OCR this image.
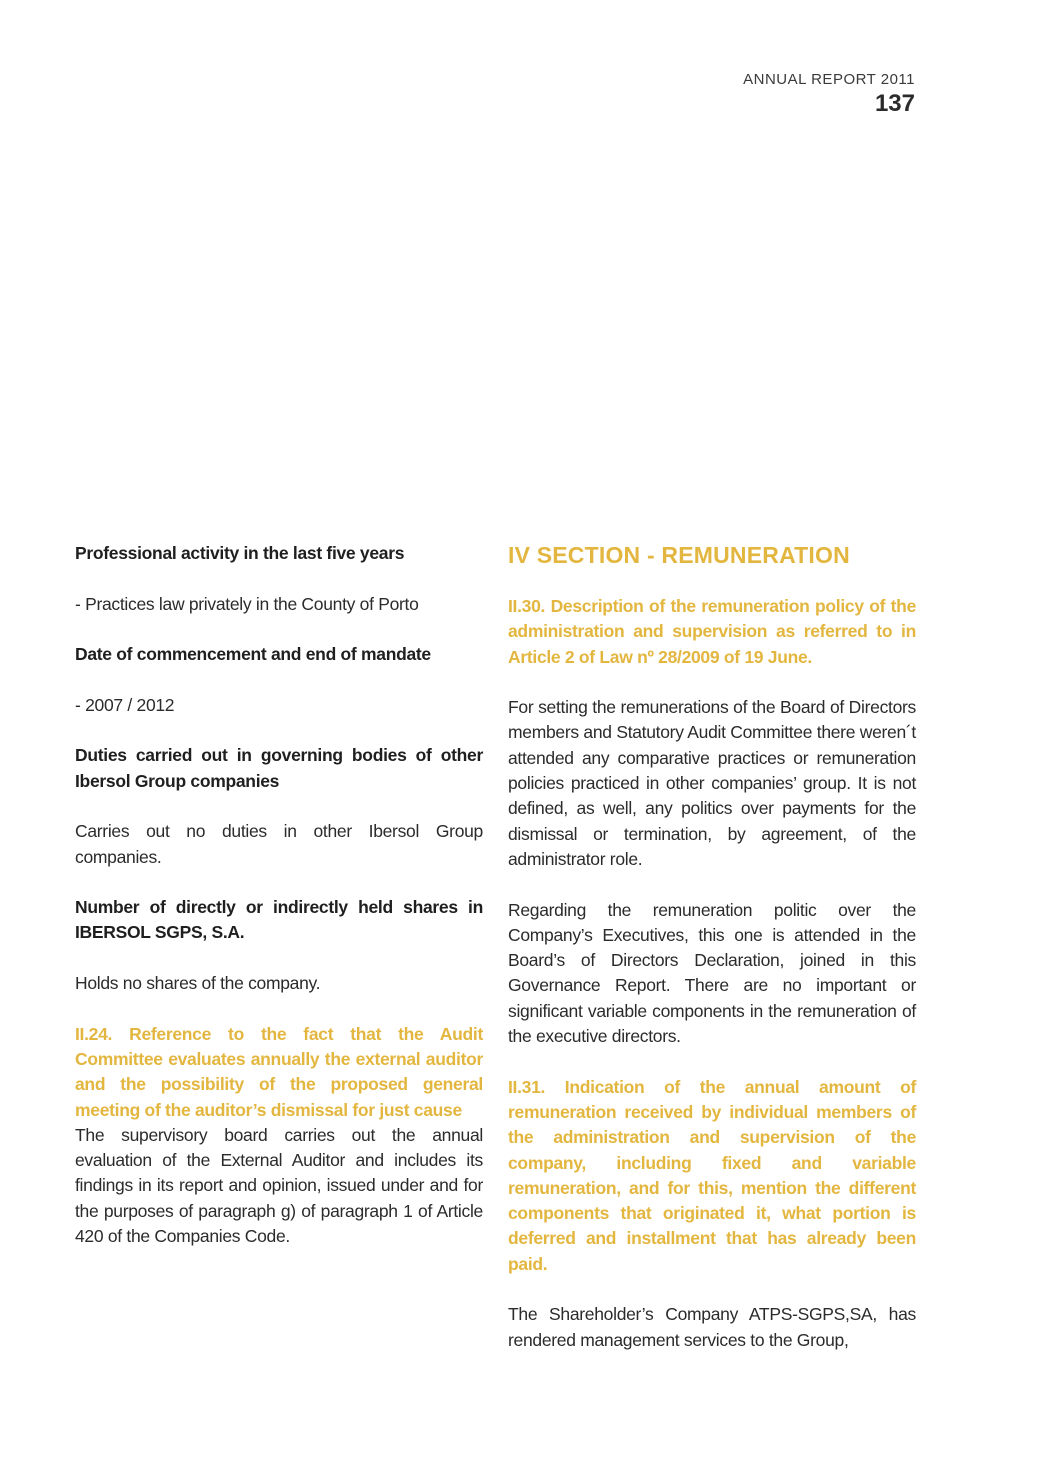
ANNUAL REPORT 2011
137

Professional activity in the last five years

- Practices law privately in the County of Porto

Date of commencement and end of mandate

- 2007 / 2012

Duties carried out in governing bodies of other Ibersol Group companies

Carries out no duties in other Ibersol Group companies.

Number of directly or indirectly held shares in IBERSOL SGPS, S.A.

Holds no shares of the company.

II.24. Reference to the fact that the Audit Committee evaluates annually the external auditor and the possibility of the proposed general meeting of the auditor’s dismissal for just cause

The supervisory board carries out the annual evaluation of the External Auditor and includes its findings in its report and opinion, issued under and for the purposes of paragraph g) of paragraph 1 of Article 420 of the Companies Code.

IV SECTION - REMUNERATION

II.30. Description of the remuneration policy of the administration and supervision as referred to in Article 2 of Law nº 28/2009 of 19 June.

For setting the remunerations of the Board of Directors members and Statutory Audit Committee there weren´t attended any comparative practices or remuneration policies practiced in other companies’ group. It is not defined, as well, any politics over payments for the dismissal or termination, by agreement, of the administrator role.

Regarding the remuneration politic over the Company’s Executives, this one is attended in the Board’s of Directors Declaration, joined in this Governance Report. There are no important or significant variable components in the remuneration of the executive directors.

II.31. Indication of the annual amount of remuneration received by individual members of the administration and supervision of the company, including fixed and variable remuneration, and for this, mention the different components that originated it, what portion is deferred and installment that has already been paid.

The Shareholder’s Company ATPS-SGPS,SA, has rendered management services to the Group,
